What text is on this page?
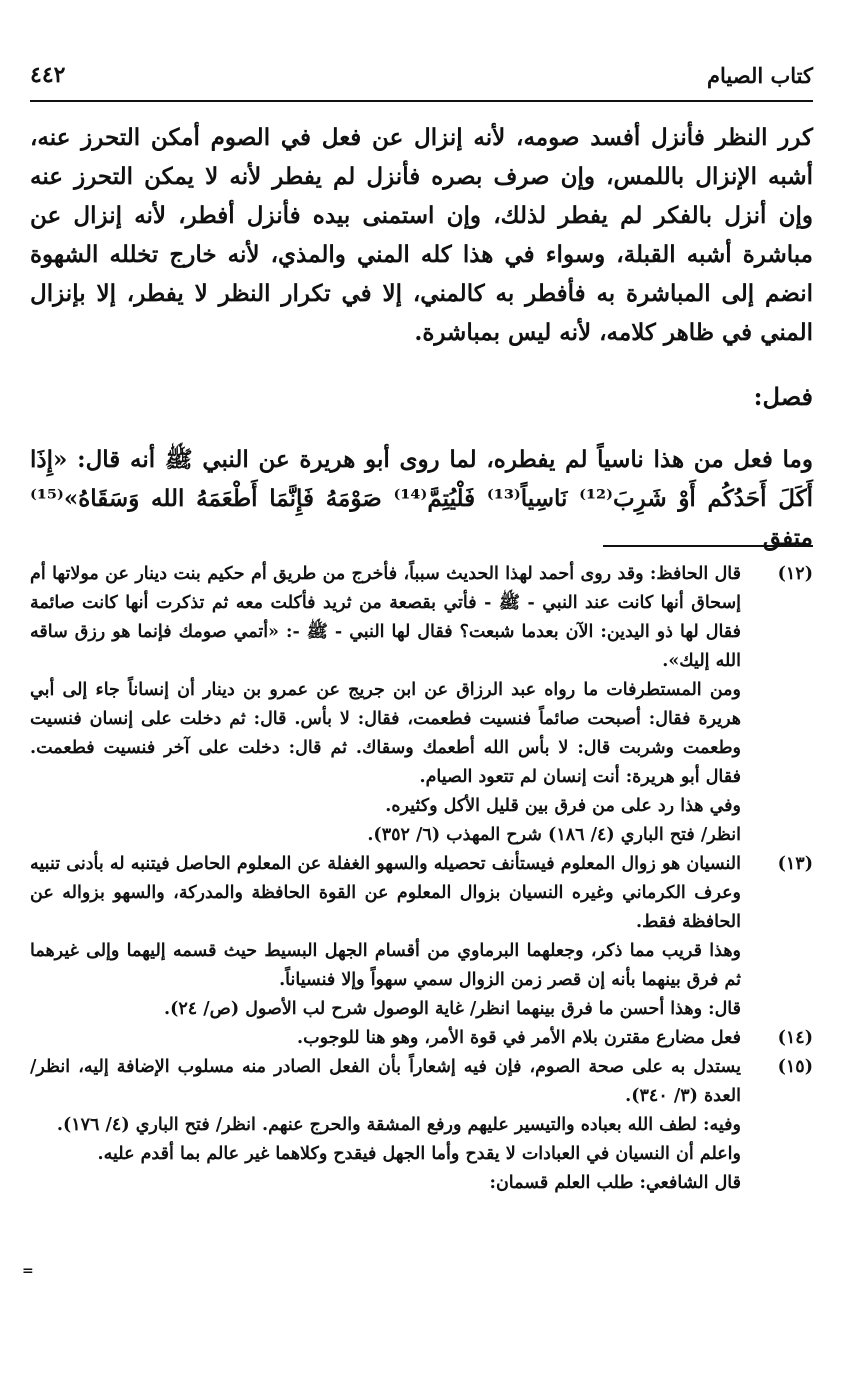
كتاب الصيام
٤٤٢

كرر النظر فأنزل أفسد صومه، لأنه إنزال عن فعل في الصوم أمكن التحرز عنه، أشبه الإنزال باللمس، وإن صرف بصره فأنزل لم يفطر لأنه لا يمكن التحرز عنه وإن أنزل بالفكر لم يفطر لذلك، وإن استمنى بيده فأنزل أفطر، لأنه إنزال عن مباشرة أشبه القبلة، وسواء في هذا كله المني والمذي، لأنه خارج تخلله الشهوة انضم إلى المباشرة به فأفطر به كالمني، إلا في تكرار النظر لا يفطر، إلا بإنزال المني في ظاهر كلامه، لأنه ليس بمباشرة.

فصل:

وما فعل من هذا ناسياً لم يفطره، لما روى أبو هريرة عن النبي ﷺ أنه قال: «إِذَا أَكَلَ أَحَدُكُم أَوْ شَرِبَ⁽¹²⁾ نَاسِياً⁽¹³⁾ فَلْيُتِمَّ⁽¹⁴⁾ صَوْمَهُ فَإِنَّمَا أَطْعَمَهُ الله وَسَقَاهُ»⁽¹⁵⁾ متفق

(١٢)

قال الحافظ: وقد روى أحمد لهذا الحديث سبباً، فأخرج من طريق أم حكيم بنت دينار عن مولاتها أم إسحاق أنها كانت عند النبي - ﷺ - فأتي بقصعة من ثريد فأكلت معه ثم تذكرت أنها كانت صائمة فقال لها ذو اليدين: الآن بعدما شبعت؟ فقال لها النبي - ﷺ -: «أتمي صومك فإنما هو رزق ساقه الله إليك».

ومن المستطرفات ما رواه عبد الرزاق عن ابن جريج عن عمرو بن دينار أن إنساناً جاء إلى أبي هريرة فقال: أصبحت صائماً فنسيت فطعمت، فقال: لا بأس. قال: ثم دخلت على إنسان فنسيت وطعمت وشربت قال: لا بأس الله أطعمك وسقاك. ثم قال: دخلت على آخر فنسيت فطعمت. فقال أبو هريرة: أنت إنسان لم تتعود الصيام.

وفي هذا رد على من فرق بين قليل الأكل وكثيره.

انظر/ فتح الباري (٤/ ١٨٦) شرح المهذب (٦/ ٣٥٢).

(١٣)

النسيان هو زوال المعلوم فيستأنف تحصيله والسهو الغفلة عن المعلوم الحاصل فيتنبه له بأدنى تنبيه وعرف الكرماني وغيره النسيان بزوال المعلوم عن القوة الحافظة والمدركة، والسهو بزواله عن الحافظة فقط.

وهذا قريب مما ذكر، وجعلهما البرماوي من أقسام الجهل البسيط حيث قسمه إليهما وإلى غيرهما ثم فرق بينهما بأنه إن قصر زمن الزوال سمي سهواً وإلا فنسياناً.

قال: وهذا أحسن ما فرق بينهما انظر/ غاية الوصول شرح لب الأصول (ص/ ٢٤).

(١٤)

فعل مضارع مقترن بلام الأمر في قوة الأمر، وهو هنا للوجوب.

(١٥)

يستدل به على صحة الصوم، فإن فيه إشعاراً بأن الفعل الصادر منه مسلوب الإضافة إليه، انظر/ العدة (٣/ ٣٤٠).

وفيه: لطف الله بعباده والتيسير عليهم ورفع المشقة والحرج عنهم. انظر/ فتح الباري (٤/ ١٧٦).

واعلم أن النسيان في العبادات لا يقدح وأما الجهل فيقدح وكلاهما غير عالم بما أقدم عليه.

قال الشافعي: طلب العلم قسمان:

=
